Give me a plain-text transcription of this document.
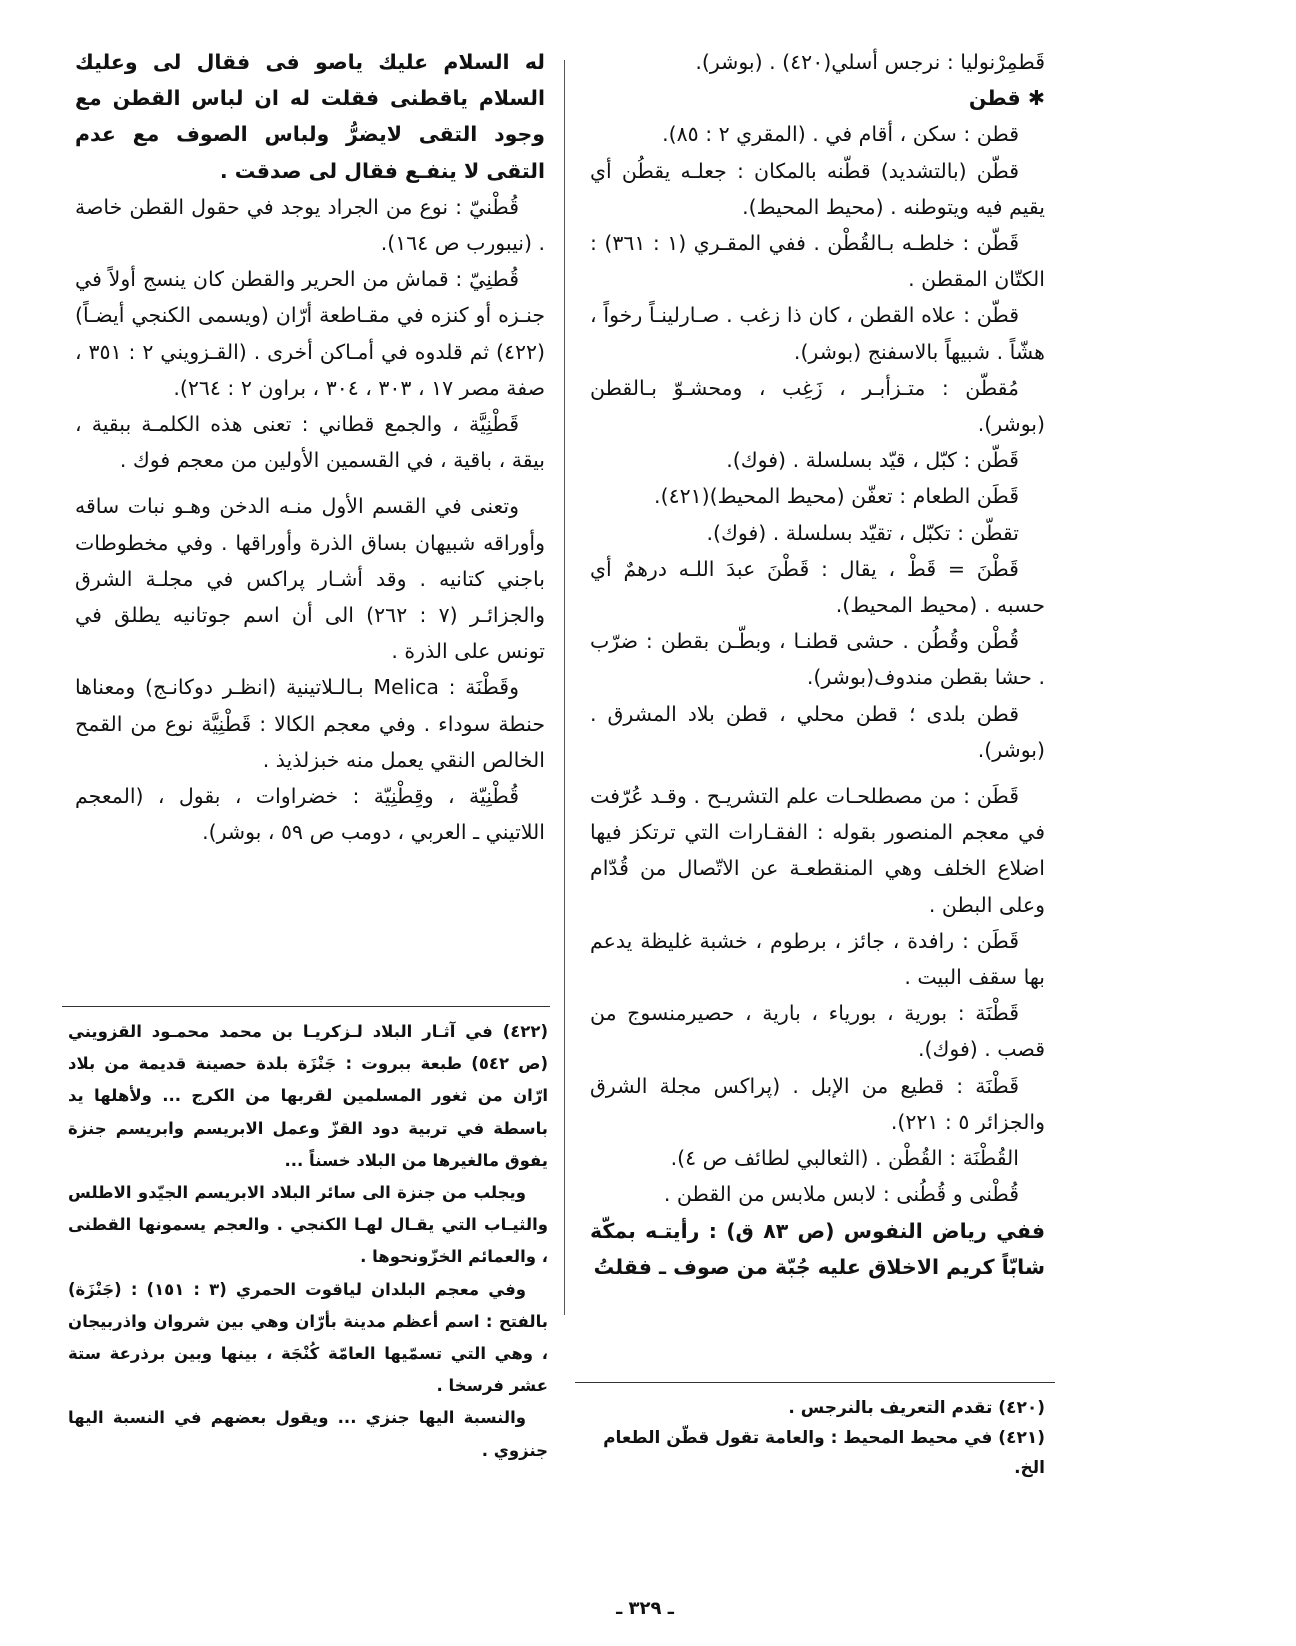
قَطمِرْنوليا : نرجس أسلي(٤٢٠) . (بوشر).

✱ قطن

قطن : سكن ، أقام في . (المقري ٢ : ٨٥).

قطّن (بالتشديد) قطّنه بالمكان : جعلـه يقطُن أي يقيم فيه ويتوطنه . (محيط المحيط).

قَطّن : خلطـه بـالقُطْن . ففي المقـري (١ : ٣٦١) : الكتّان المقطن .

قطّن : علاه القطن ، كان ذا زغب . صـارلينـاً رخواً ، هشّاً . شبيهاً بالاسفنج (بوشر).

مُقطّن : متـزأبـر ، زَغِب ، ومحشـوّ بـالقطن (بوشر).

قَطّن : كبّل ، قيّد بسلسلة . (فوك).

قَطَن الطعام : تعفّن (محيط المحيط)(٤٢١).

تقطّن : تكبّل ، تقيّد بسلسلة . (فوك).

قَطْنَ = قَطْ ، يقال : قَطْنَ عبدَ اللـه درهمٌ أي حسبه . (محيط المحيط).

قُطْن وقُطُن . حشى قطنـا ، وبطّـن بقطن : ضرّب . حشا بقطن مندوف(بوشر).

قطن بلدى ؛ قطن محلي ، قطن بلاد المشرق . (بوشر).

قَطَن : من مصطلحـات علم التشريـح . وقـد عُرّفت في معجم المنصور بقوله : الفقـارات التي ترتكز فيها اضلاع الخلف وهي المنقطعـة عن الاتّصال من قُدّام وعلى البطن .

قَطَن : رافدة ، جائز ، برطوم ، خشبة غليظة يدعم بها سقف البيت .

قَطْنَة : بورية ، بورياء ، بارية ، حصيرمنسوج من قصب . (فوك).

قَطْنَة : قطيع من الإبل . (پراكس مجلة الشرق والجزائر ٥ : ٢٢١).

القُطْنَة : القُطْن . (الثعالبي لطائف ص ٤).

قُطْنى و قُطُنى : لابس ملابس من القطن .

ففي رياض النفوس (ص ٨٣ ق) : رأيتـه بمكّة شابّاً كريم الاخلاق عليه جُبّة من صوف ـ فقلتُ

له السلام عليك ياصو فى فقال لى وعليك السلام ياقطنى فقلت له ان لباس القطن مع وجود التقى لايضرُّ ولباس الصوف مع عدم التقى لا ينفـع فقال لى صدقت .

قُطْنيّ : نوع من الجراد يوجد في حقول القطن خاصة . (نيبورب ص ١٦٤).

قُطنِيّ : قماش من الحرير والقطن كان ينسج أولاً في جنـزه أو كنزه في مقـاطعة أرّان (ويسمى الكنجي أيضـاً)(٤٢٢) ثم قلدوه في أمـاكن أخرى . (القـزويني ٢ : ٣٥١ ، صفة مصر ١٧ ، ٣٠٣ ، ٣٠٤ ، براون ٢ : ٢٦٤).

قَطْنِيَّة ، والجمع قطاني : تعنى هذه الكلمـة ببقية ، بيقة ، باقية ، في القسمين الأولين من معجم فوك .

وتعنى في القسم الأول منـه الدخن وهـو نبات ساقه وأوراقه شبيهان بساق الذرة وأوراقها . وفي مخطوطات باجني كتانيه . وقد أشـار پراكس في مجلـة الشرق والجزائـر (٧ : ٢٦٢) الى أن اسم جوتانيه يطلق في تونس على الذرة .

وقَطْنَة : Melica بـالـلاتينية (انظـر دوكانـج) ومعناها حنطة سوداء . وفي معجم الكالا : قَطْنِيَّة نوع من القمح الخالص النقي يعمل منه خبزلذيذ .

قُطْنِيّة ، وقِطْنِيّة : خضراوات ، بقول ، (المعجم اللاتيني ـ العربي ، دومب ص ٥٩ ، بوشر).

(٤٢٢) في آثـار البلاد لـزكريـا بن محمد محمـود القزويني (ص ٥٤٢) طبعة ببروت : جَنْزَة بلدة حصينة قديمة من بلاد ارّان من ثغور المسلمين لقربها من الكرج ... ولأهلها يد باسطة في تربية دود القزّ وعمل الابريسم وابريسم جنزة يفوق مالغيرها من البلاد خسناً ...

ويجلب من جنزة الى سائر البلاد الابريسم الجيّدو الاطلس والثيـاب التي يقـال لهـا الكنجي . والعجم يسمونها القطنى ، والعمائم الخزّونحوها .

وفي معجم البلدان لياقوت الحمري (٣ : ١٥١) : (جَنْزَة) بالفتح : اسم أعظم مدينة بأرّان وهي بين شروان واذربيجان ، وهي التي تسمّيها العامّة كُنْجَة ، بينها وبين برذرعة ستة عشر فرسخا .

والنسبة اليها جنزي ... ويقول بعضهم في النسبة اليها جنزوي .

(٤٢٠) تقدم التعريف بالنرجس .

(٤٢١) في محيط المحيط : والعامة تقول قطّن الطعام الخ.

ـ ٣٢٩ ـ
